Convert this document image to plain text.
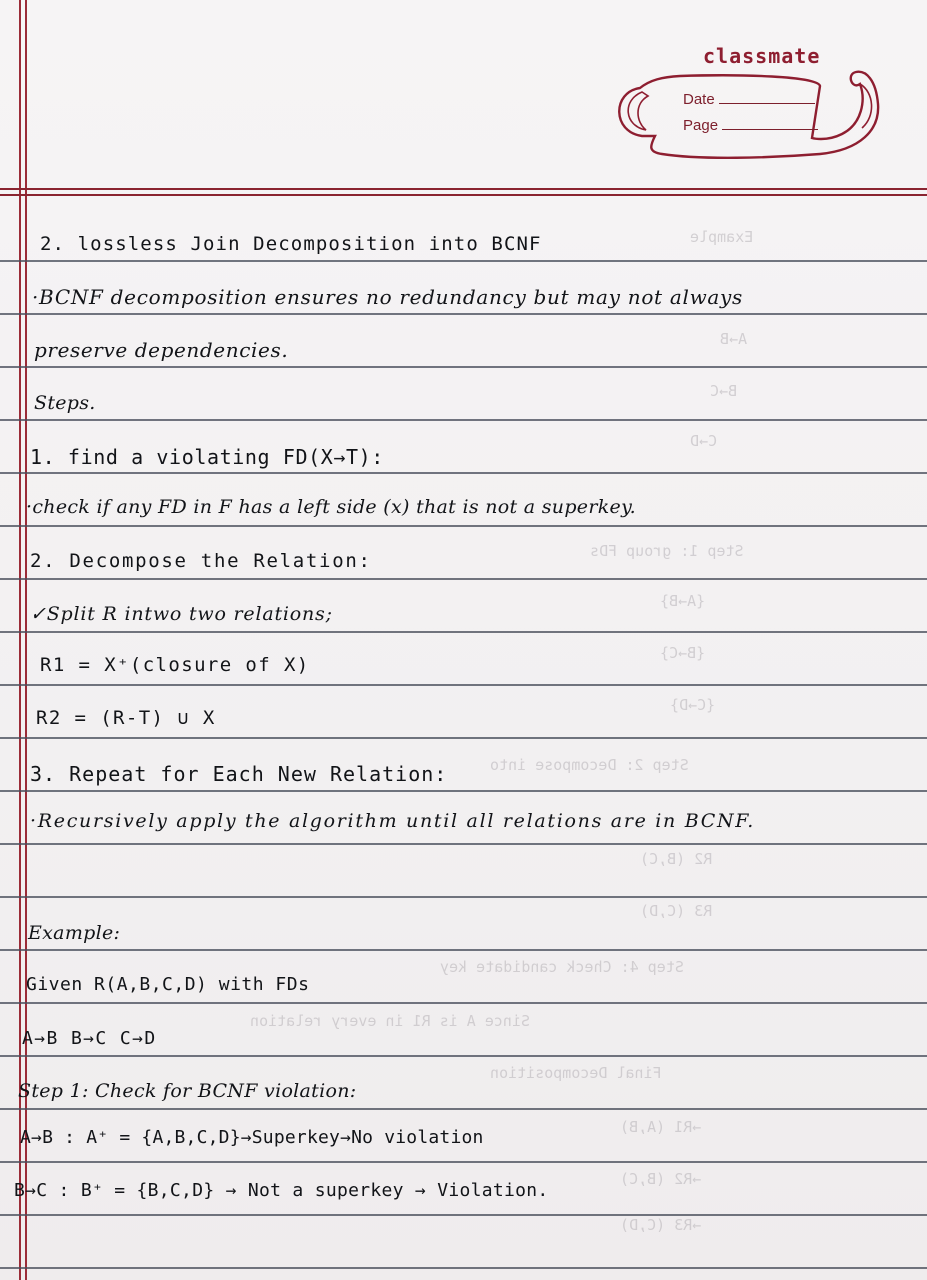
classmate
Date
Page
Example
A→B
B→C
C→D
Step 1: group FDs
{A→B}
{B→C}
{C→D}
Step 2: Decompose into
R2 (B,C)
R3 (C,D)
Step 4: Check candidate key
Since A is R1 in every relation
Final Decomposition
→R1 (A,B)
→R2 (B,C)
→R3 (C,D)
2. lossless Join Decomposition into BCNF
·BCNF decomposition ensures no redundancy but may not always
preserve dependencies.
Steps.
1. find a violating FD(X→T):
·check if any FD in F has a left side (x) that is not a superkey.
2. Decompose the Relation:
✓Split R intwo two relations;
R1 = X⁺(closure of X)
R2 = (R-T) ∪ X
3. Repeat for Each New Relation:
·Recursively apply the algorithm until all relations are in BCNF.
Example:
Given R(A,B,C,D) with FDs
A→B B→C C→D
Step 1: Check for BCNF violation:
A→B : A⁺ = {A,B,C,D}→Superkey→No violation
B→C : B⁺ = {B,C,D} → Not a superkey → Violation.
